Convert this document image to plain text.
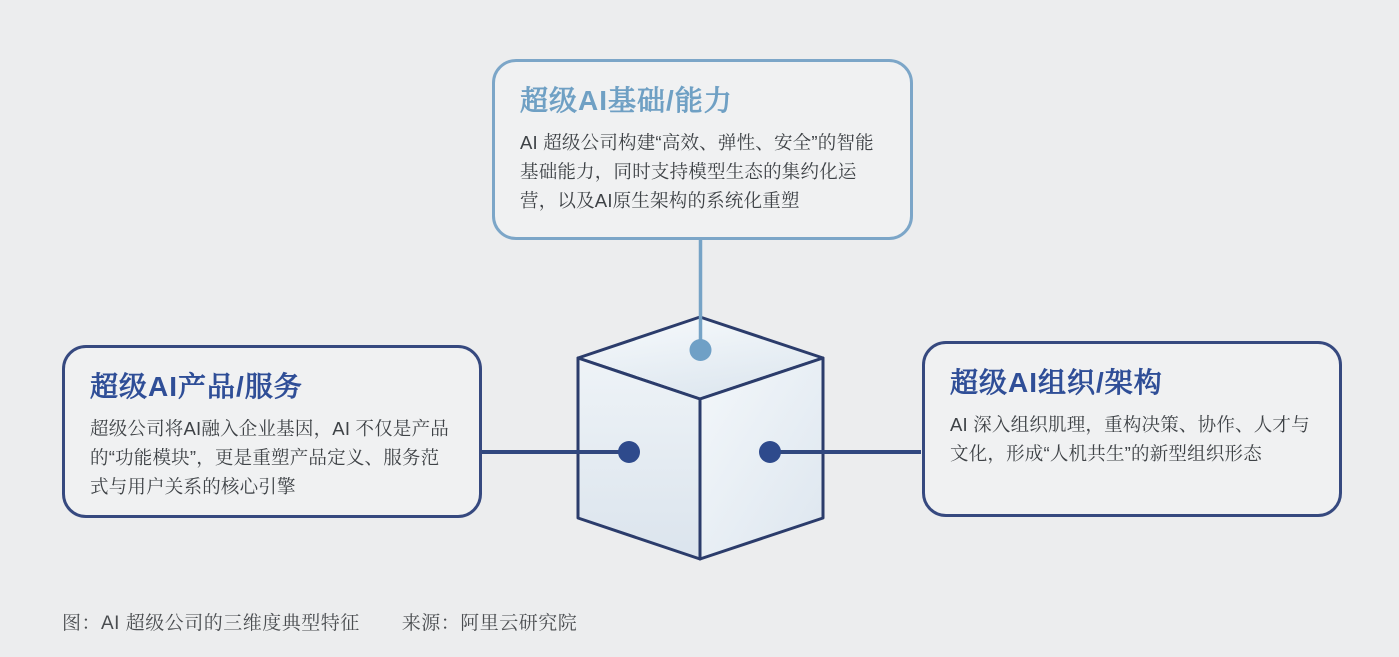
超级AI基础/能力
AI 超级公司构建“高效、弹性、安全”的智能基础能力，同时支持模型生态的集约化运营，以及AI原生架构的系统化重塑
超级AI产品/服务
超级公司将AI融入企业基因，AI 不仅是产品的“功能模块”，更是重塑产品定义、服务范式与用户关系的核心引擎
超级AI组织/架构
AI 深入组织肌理，重构决策、协作、人才与文化，形成“人机共生”的新型组织形态
图：AI 超级公司的三维度典型特征 来源：阿里云研究院
